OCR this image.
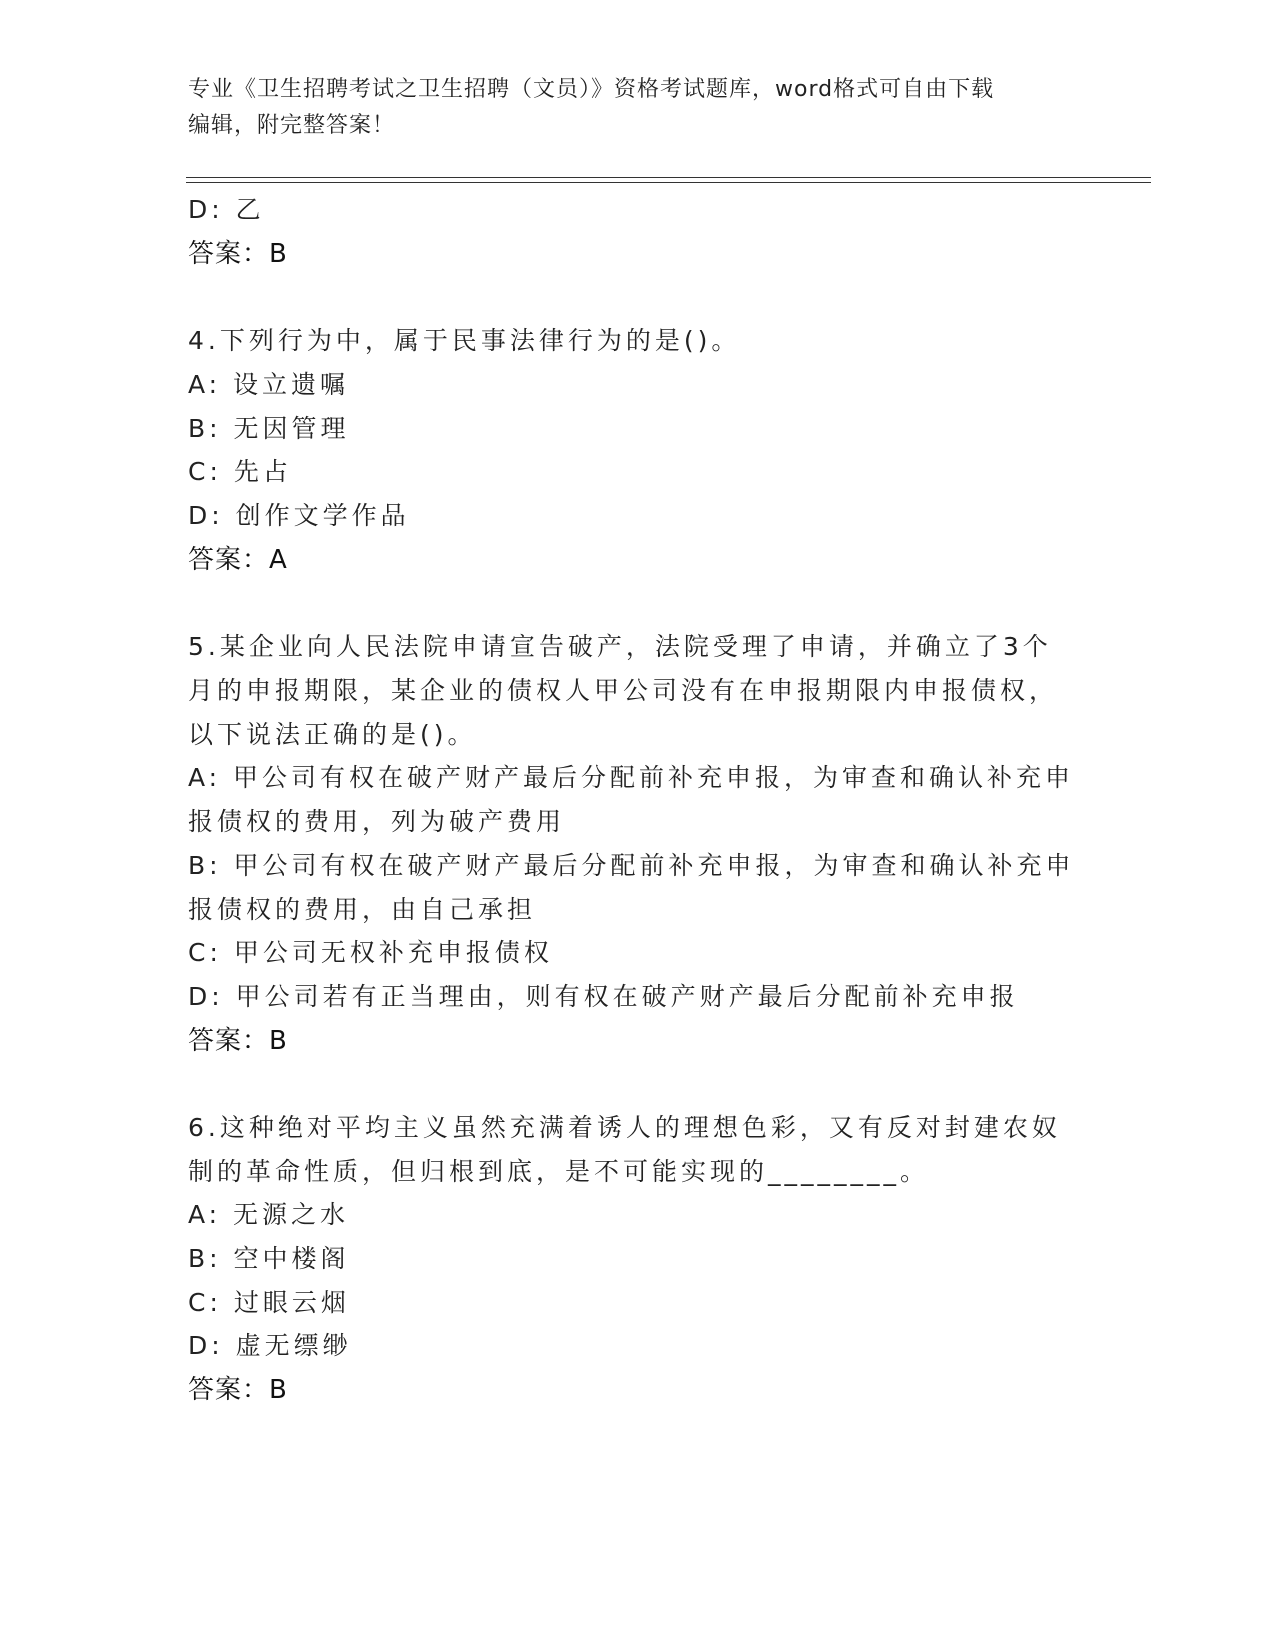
专业《卫生招聘考试之卫生招聘（文员）》资格考试题库，word格式可自由下载
编辑，附完整答案！
D: 乙
答案：B
4.下列行为中，属于民事法律行为的是()。
A: 设立遗嘱
B: 无因管理
C: 先占
D: 创作文学作品
答案：A
5.某企业向人民法院申请宣告破产，法院受理了申请，并确立了3个
月的申报期限，某企业的债权人甲公司没有在申报期限内申报债权，
以下说法正确的是()。
A: 甲公司有权在破产财产最后分配前补充申报，为审查和确认补充申
报债权的费用，列为破产费用
B: 甲公司有权在破产财产最后分配前补充申报，为审查和确认补充申
报债权的费用，由自己承担
C: 甲公司无权补充申报债权
D: 甲公司若有正当理由，则有权在破产财产最后分配前补充申报
答案：B
6.这种绝对平均主义虽然充满着诱人的理想色彩，又有反对封建农奴
制的革命性质，但归根到底，是不可能实现的________。
A: 无源之水
B: 空中楼阁
C: 过眼云烟
D: 虚无缥缈
答案：B
